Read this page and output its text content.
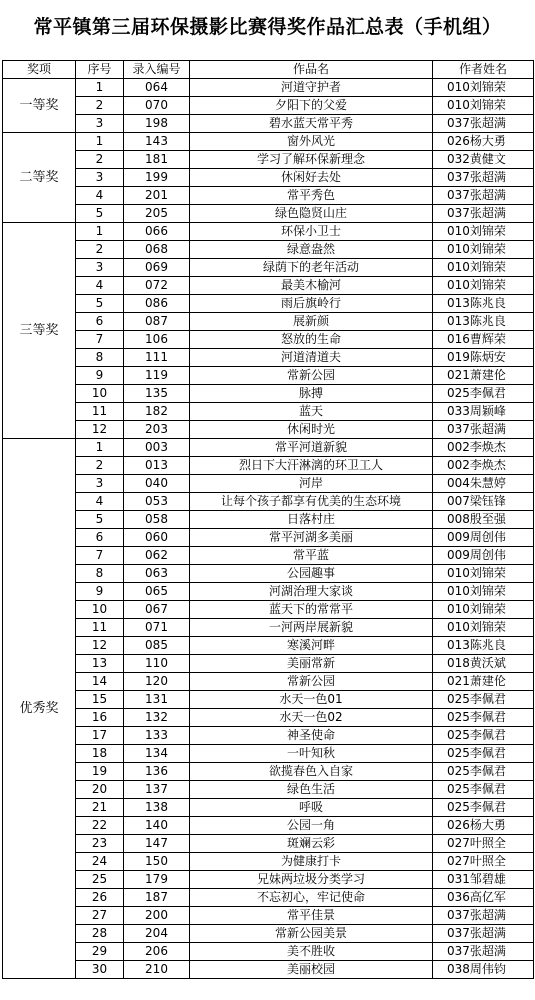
常平镇第三届环保摄影比赛得奖作品汇总表（手机组）
奖项	序号	录入编号	作品名	作者姓名
一等奖	1	064	河道守护者	010刘锦荣
	2	070	夕阳下的父爱	010刘锦荣
	3	198	碧水蓝天常平秀	037张超满
二等奖	1	143	窗外风光	026杨大勇
	2	181	学习了解环保新理念	032黄健文
	3	199	休闲好去处	037张超满
	4	201	常平秀色	037张超满
	5	205	绿色隐贤山庄	037张超满
三等奖	1	066	环保小卫士	010刘锦荣
	2	068	绿意盎然	010刘锦荣
	3	069	绿荫下的老年活动	010刘锦荣
	4	072	最美木榆河	010刘锦荣
	5	086	雨后旗岭行	013陈兆良
	6	087	展新颜	013陈兆良
	7	106	怒放的生命	016曹辉荣
	8	111	河道清道夫	019陈炳安
	9	119	常新公园	021萧建伦
	10	135	脉搏	025李佩君
	11	182	蓝天	033周颖峰
	12	203	休闲时光	037张超满
优秀奖	1	003	常平河道新貌	002李焕杰
	2	013	烈日下大汗淋漓的环卫工人	002李焕杰
	3	040	河岸	004朱慧婷
	4	053	让每个孩子都享有优美的生态环境	007梁钰锋
	5	058	日落村庄	008殷至强
	6	060	常平河湖多美丽	009周创伟
	7	062	常平蓝	009周创伟
	8	063	公园趣事	010刘锦荣
	9	065	河湖治理大家谈	010刘锦荣
	10	067	蓝天下的常常平	010刘锦荣
	11	071	一河两岸展新貌	010刘锦荣
	12	085	寒溪河畔	013陈兆良
	13	110	美丽常新	018黄沃斌
	14	120	常新公园	021萧建伦
	15	131	水天一色01	025李佩君
	16	132	水天一色02	025李佩君
	17	133	神圣使命	025李佩君
	18	134	一叶知秋	025李佩君
	19	136	欲揽春色入自家	025李佩君
	20	137	绿色生活	025李佩君
	21	138	呼吸	025李佩君
	22	140	公园一角	026杨大勇
	23	147	斑斓云彩	027叶照全
	24	150	为健康打卡	027叶照全
	25	179	兄妹两垃圾分类学习	031邹碧雄
	26	187	不忘初心，牢记使命	036高亿军
	27	200	常平佳景	037张超满
	28	204	常新公园美景	037张超满
	29	206	美不胜收	037张超满
	30	210	美丽校园	038周伟钧
